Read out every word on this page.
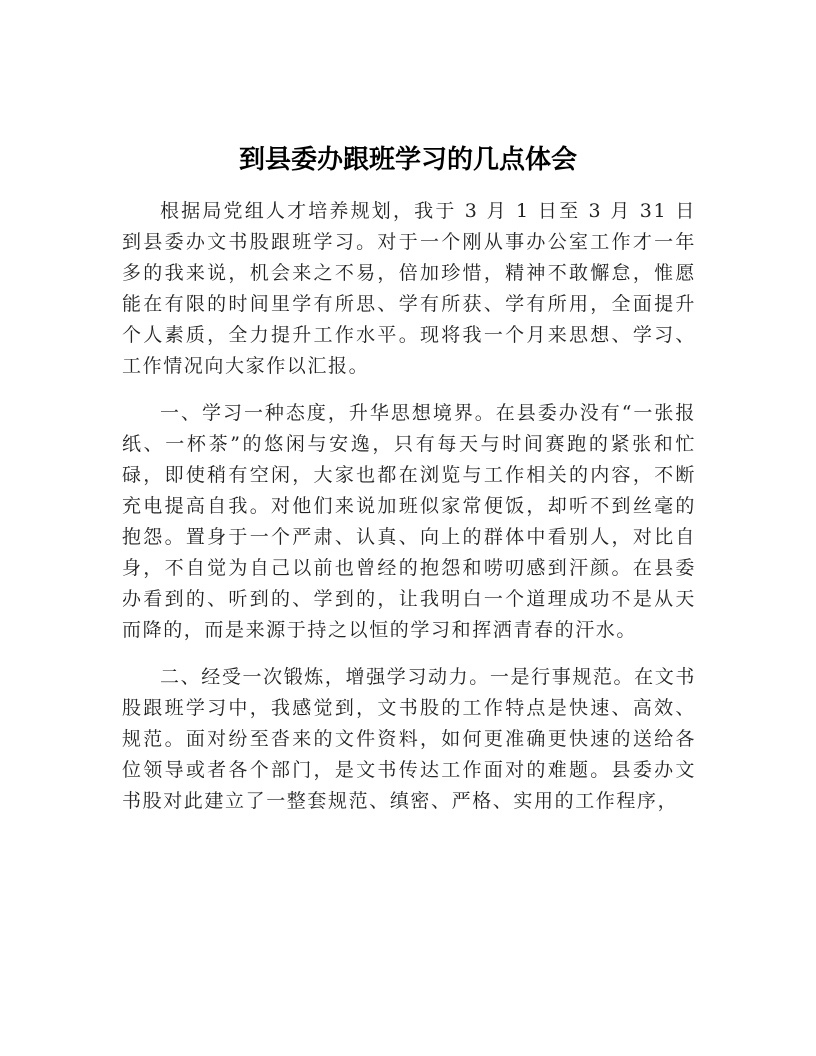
到县委办跟班学习的几点体会

根据局党组人才培养规划，我于 3 月 1 日至 3 月 31 日到县委办文书股跟班学习。对于一个刚从事办公室工作才一年多的我来说，机会来之不易，倍加珍惜，精神不敢懈怠，惟愿能在有限的时间里学有所思、学有所获、学有所用，全面提升个人素质，全力提升工作水平。现将我一个月来思想、学习、工作情况向大家作以汇报。

一、学习一种态度，升华思想境界。在县委办没有“一张报纸、一杯茶”的悠闲与安逸，只有每天与时间赛跑的紧张和忙碌，即使稍有空闲，大家也都在浏览与工作相关的内容，不断充电提高自我。对他们来说加班似家常便饭，却听不到丝毫的抱怨。置身于一个严肃、认真、向上的群体中看别人，对比自身，不自觉为自己以前也曾经的抱怨和唠叨感到汗颜。在县委办看到的、听到的、学到的，让我明白一个道理成功不是从天而降的，而是来源于持之以恒的学习和挥洒青春的汗水。

二、经受一次锻炼，增强学习动力。一是行事规范。在文书股跟班学习中，我感觉到，文书股的工作特点是快速、高效、规范。面对纷至沓来的文件资料，如何更准确更快速的送给各位领导或者各个部门，是文书传达工作面对的难题。县委办文书股对此建立了一整套规范、缜密、严格、实用的工作程序，
